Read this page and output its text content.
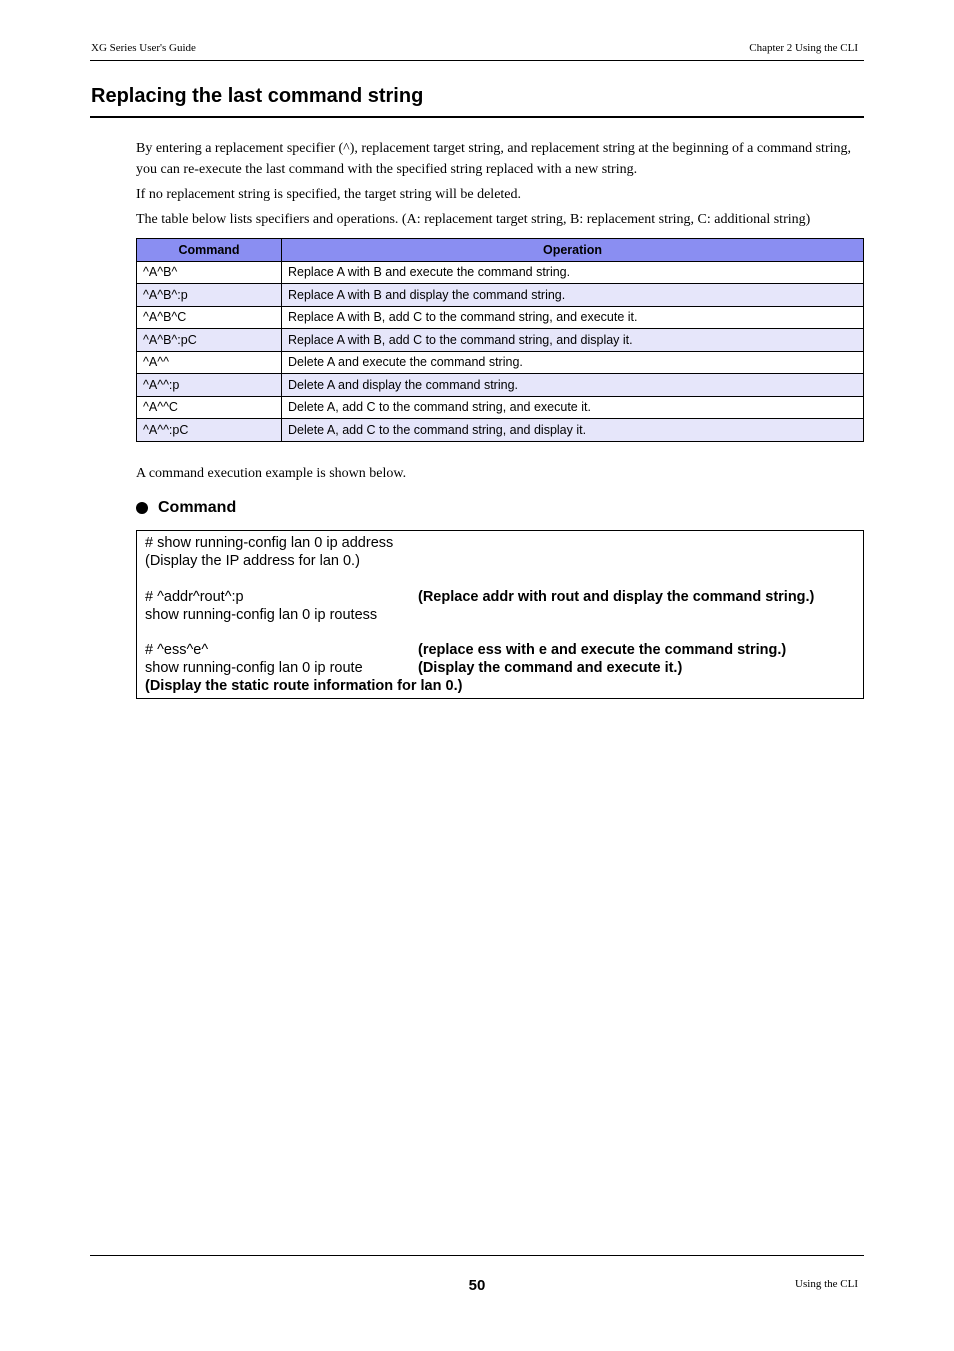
XG Series User's Guide	Chapter 2 Using the CLI
Replacing the last command string

By entering a replacement specifier (^), replacement target string, and replacement string at the beginning of a command string, you can re-execute the last command with the specified string replaced with a new string.

If no replacement string is specified, the target string will be deleted.

The table below lists specifiers and operations. (A: replacement target string, B: replacement string, C: additional string)

Command	Operation
^A^B^	Replace A with B and execute the command string.
^A^B^:p	Replace A with B and display the command string.
^A^B^C	Replace A with B, add C to the command string, and execute it.
^A^B^:pC	Replace A with B, add C to the command string, and display it.
^A^^	Delete A and execute the command string.
^A^^:p	Delete A and display the command string.
^A^^C	Delete A, add C to the command string, and execute it.
^A^^:pC	Delete A, add C to the command string, and display it.

A command execution example is shown below.

Command
# show running-config lan 0 ip address
(Display the IP address for lan 0.)
# ^addr^rout^:p	(Replace addr with rout and display the command string.)
show running-config lan 0 ip routess
# ^ess^e^	(replace ess with e and execute the command string.)
show running-config lan 0 ip route	(Display the command and execute it.)
(Display the static route information for lan 0.)
50	Using the CLI
